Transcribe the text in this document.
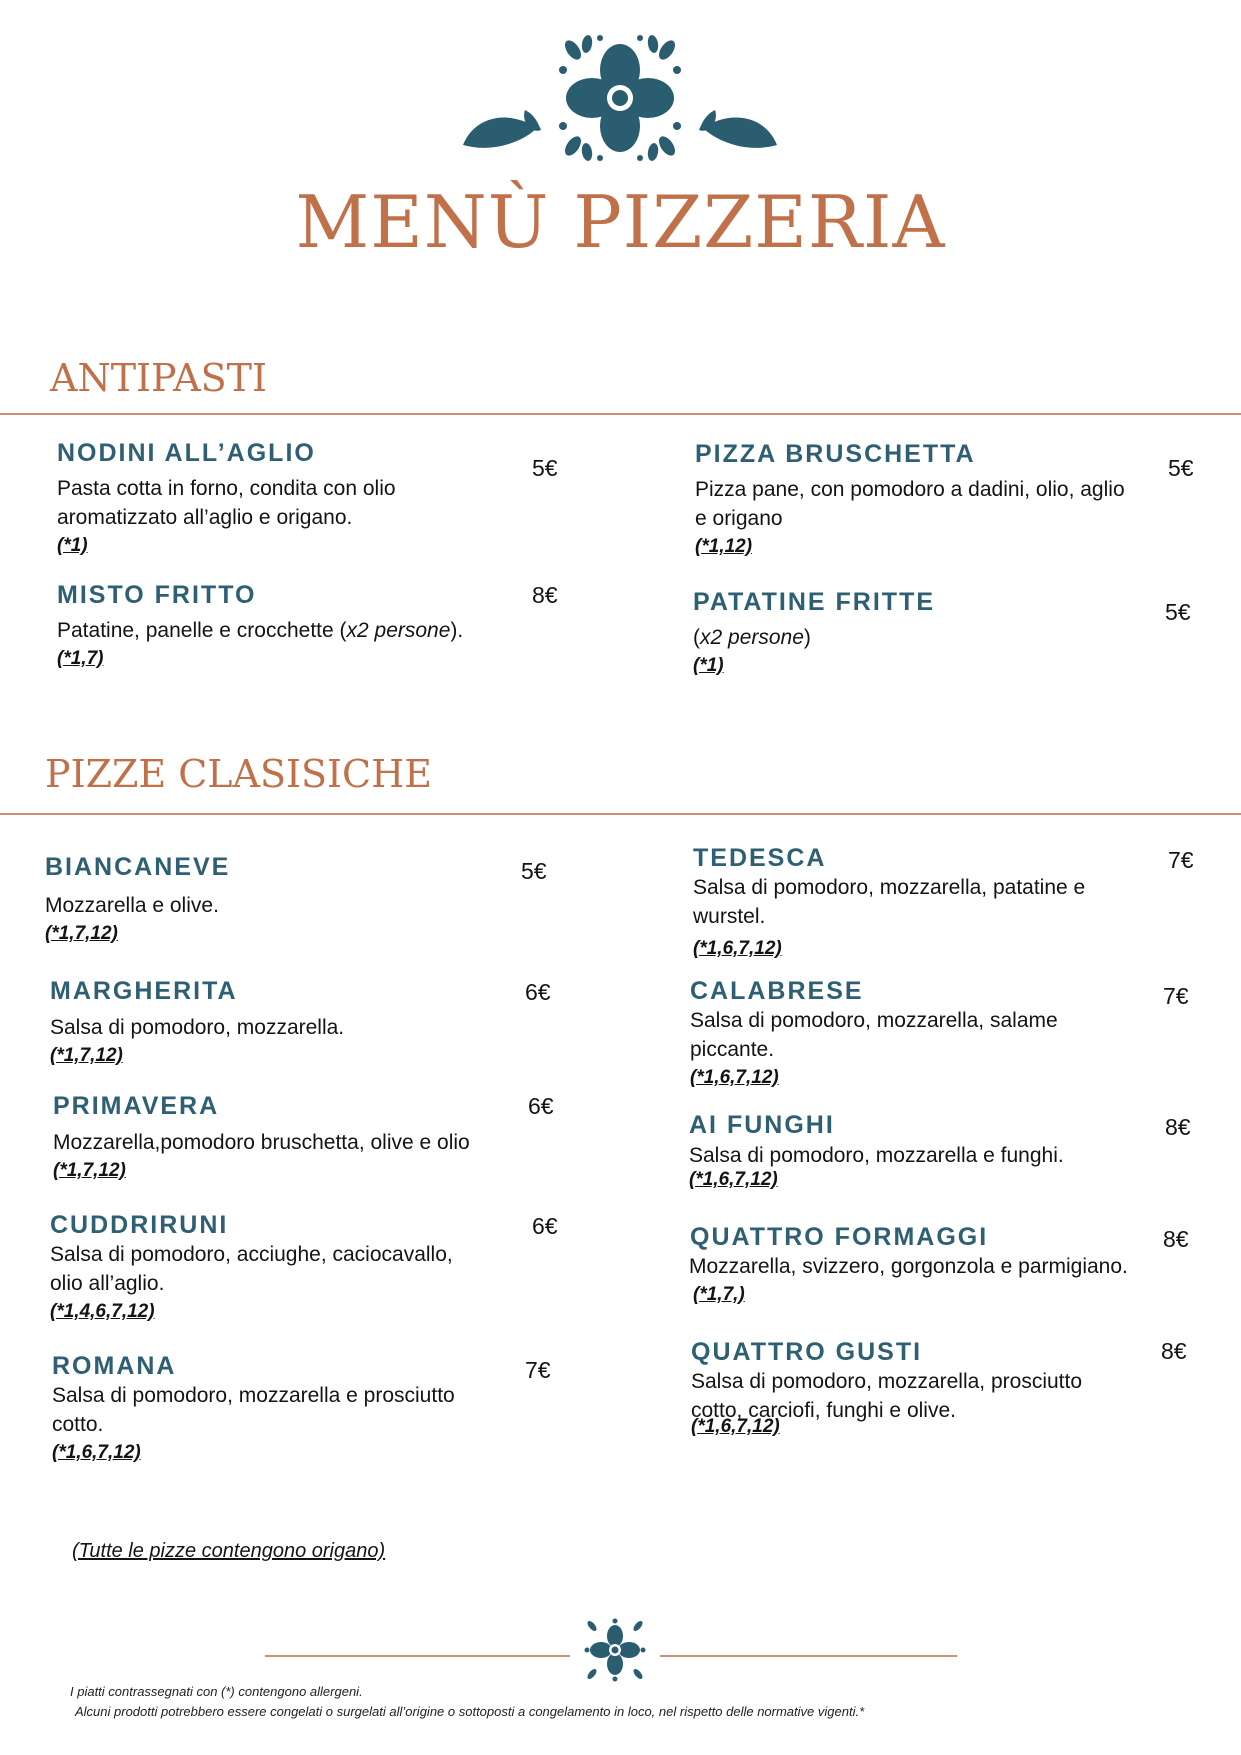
MENÙ PIZZERIA
ANTIPASTI
NODINI ALL’AGLIO
Pasta cotta in forno, condita con olio
aromatizzato all’aglio e origano.
(*1)
5€
MISTO FRITTO
Patatine, panelle e crocchette (x2 persone).
(*1,7)
8€
PIZZA BRUSCHETTA
Pizza pane, con pomodoro a dadini, olio, aglio
e origano
(*1,12)
5€
PATATINE FRITTE
(x2 persone)
(*1)
5€
PIZZE CLASISICHE
BIANCANEVE
Mozzarella e olive.
(*1,7,12)
5€
MARGHERITA
Salsa di pomodoro, mozzarella.
(*1,7,12)
6€
PRIMAVERA
Mozzarella,pomodoro bruschetta, olive e olio
(*1,7,12)
6€
CUDDRIRUNI
Salsa di pomodoro, acciughe, caciocavallo,
olio all’aglio.
(*1,4,6,7,12)
6€
ROMANA
Salsa di pomodoro, mozzarella e prosciutto
cotto.
(*1,6,7,12)
7€
TEDESCA
Salsa di pomodoro, mozzarella, patatine e
wurstel.
(*1,6,7,12)
7€
CALABRESE
Salsa di pomodoro, mozzarella, salame
piccante.
(*1,6,7,12)
7€
AI FUNGHI
Salsa di pomodoro, mozzarella e funghi.
(*1,6,7,12)
8€
QUATTRO FORMAGGI
Mozzarella, svizzero, gorgonzola e parmigiano.
(*1,7,)
8€
QUATTRO GUSTI
Salsa di pomodoro, mozzarella, prosciutto
cotto, carciofi, funghi e olive.
(*1,6,7,12)
8€
(Tutte le pizze contengono origano)
I piatti contrassegnati con (*) contengono allergeni.
Alcuni prodotti potrebbero essere congelati o surgelati all’origine o sottoposti a congelamento in loco, nel rispetto delle normative vigenti.*
